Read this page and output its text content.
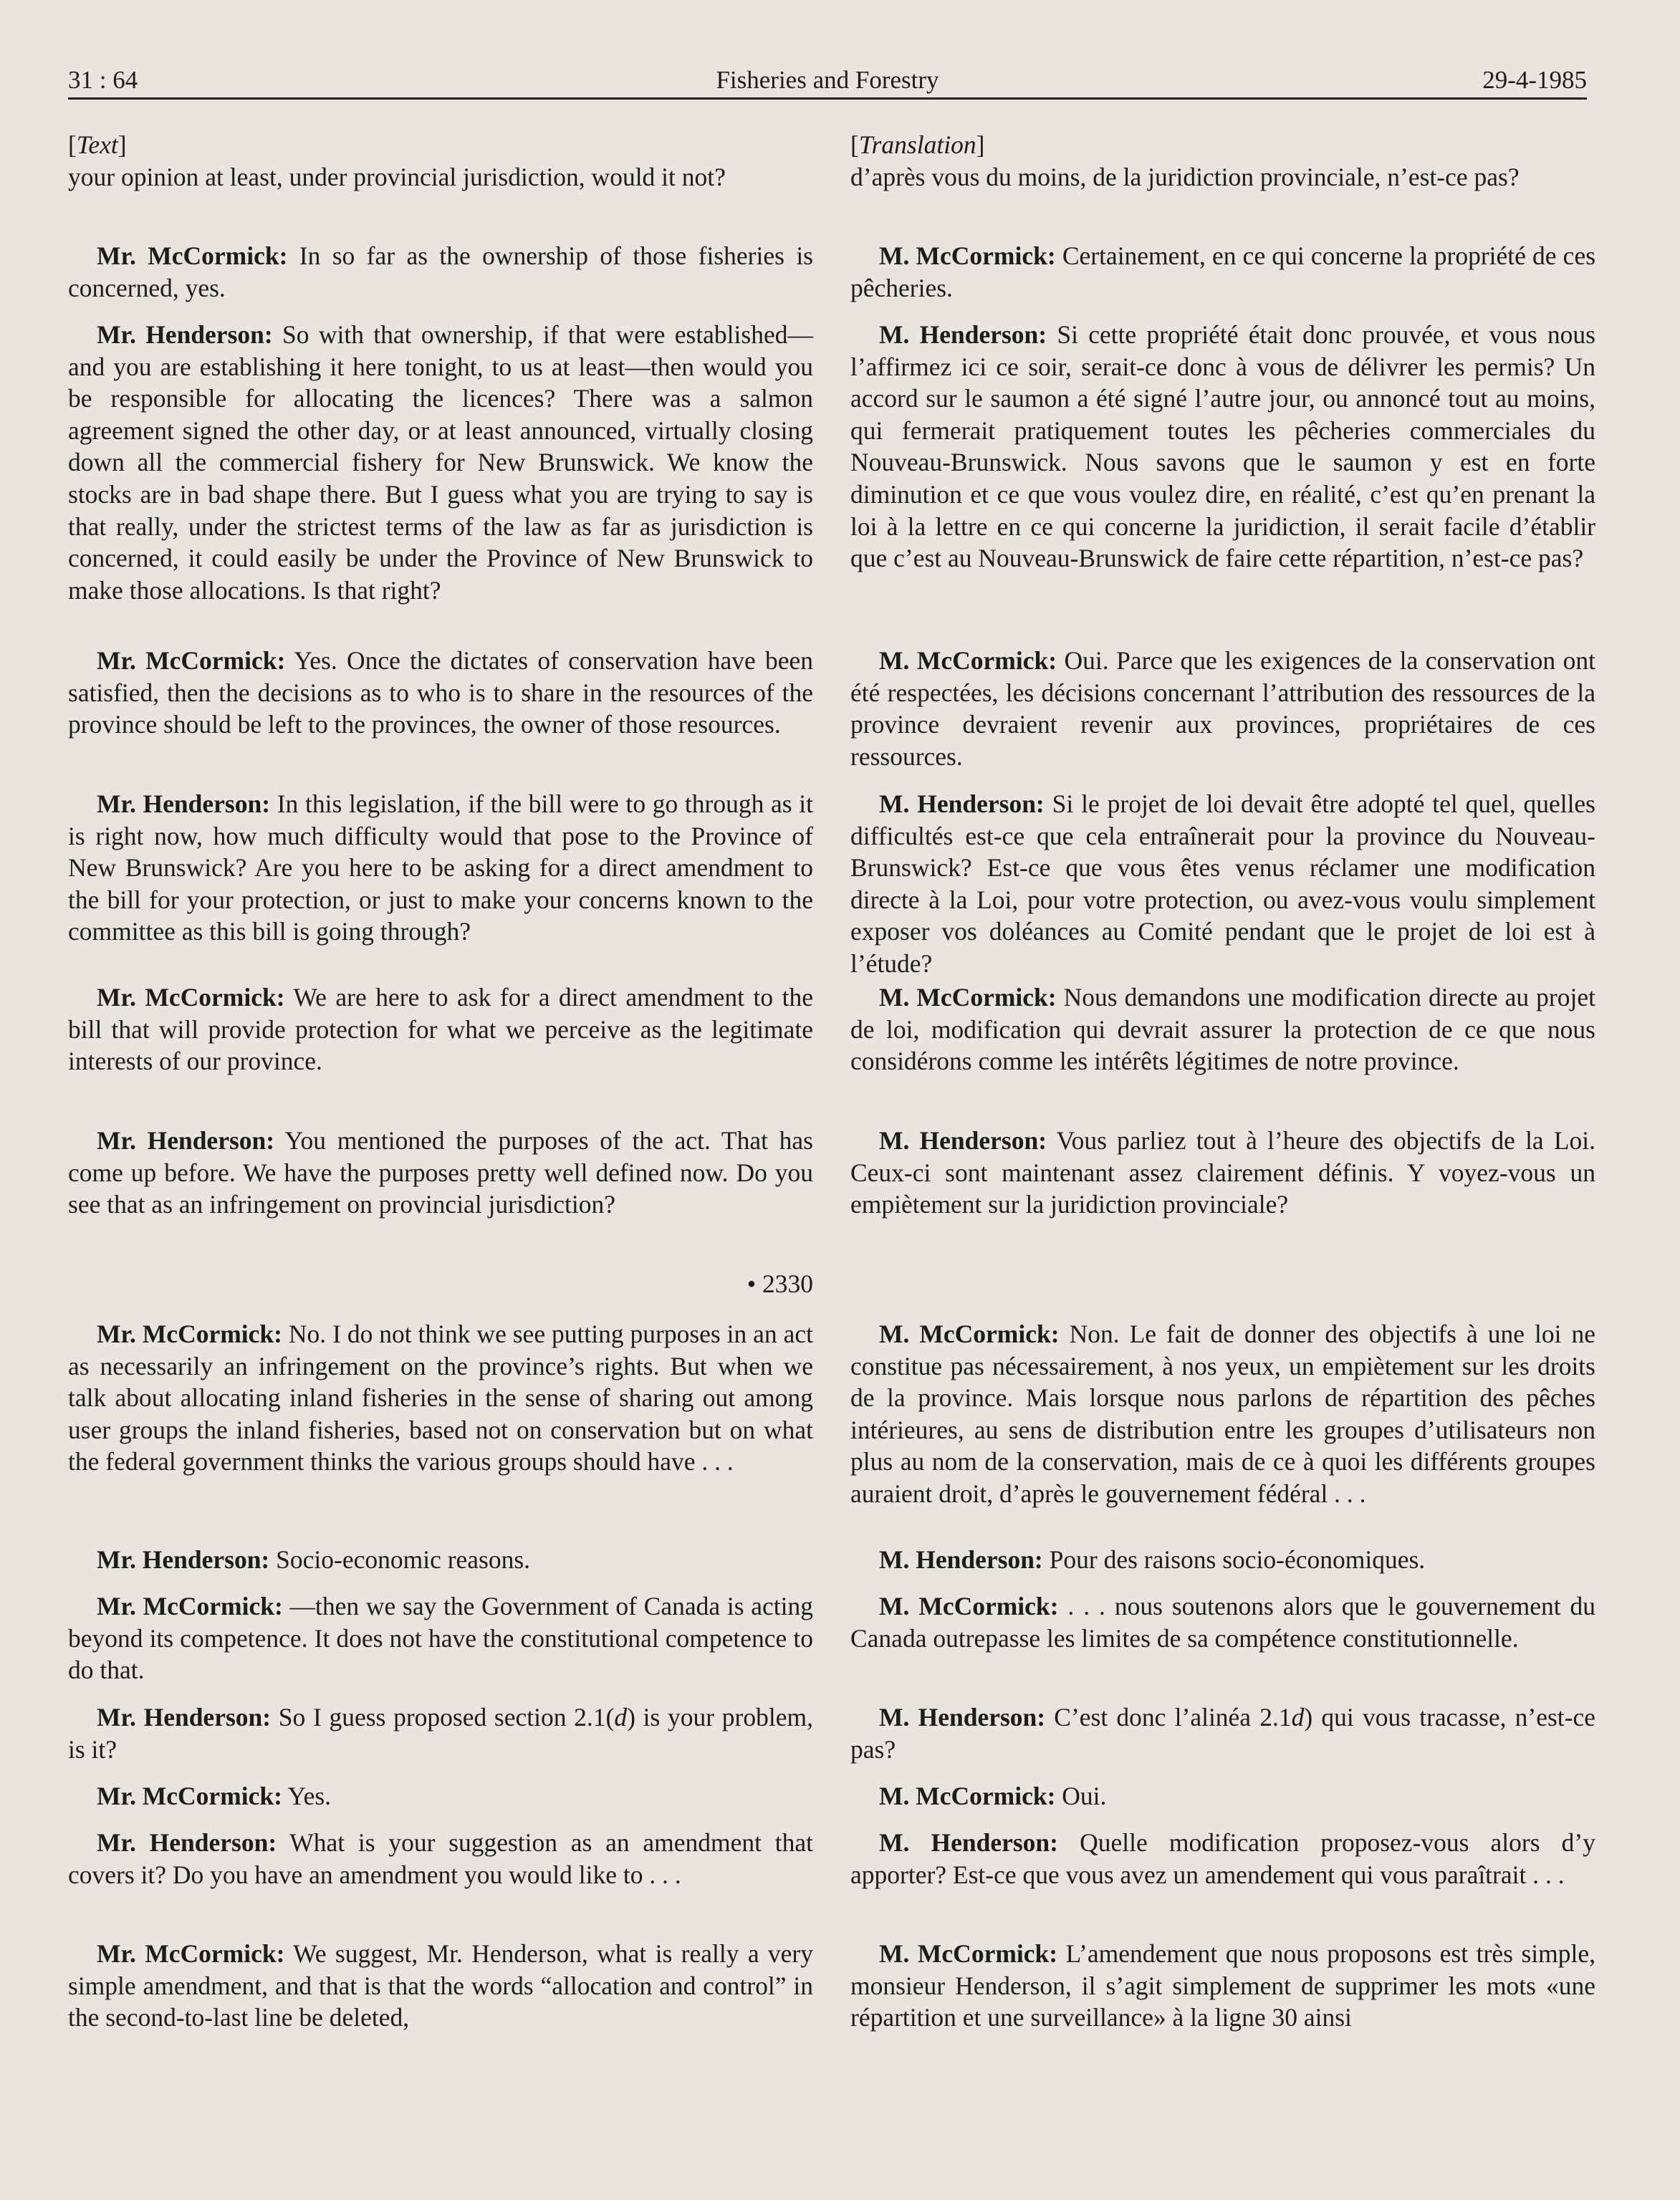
Fisheries and Forestry
31 : 64	29-4-1985

[Text]

your opinion at least, under provincial jurisdiction, would it not?

Mr. McCormick: In so far as the ownership of those fisheries is concerned, yes.

Mr. Henderson: So with that ownership, if that were established—and you are establishing it here tonight, to us at least—then would you be responsible for allocating the licences? There was a salmon agreement signed the other day, or at least announced, virtually closing down all the commercial fishery for New Brunswick. We know the stocks are in bad shape there. But I guess what you are trying to say is that really, under the strictest terms of the law as far as jurisdiction is concerned, it could easily be under the Province of New Brunswick to make those allocations. Is that right?

Mr. McCormick: Yes. Once the dictates of conservation have been satisfied, then the decisions as to who is to share in the resources of the province should be left to the provinces, the owner of those resources.

Mr. Henderson: In this legislation, if the bill were to go through as it is right now, how much difficulty would that pose to the Province of New Brunswick? Are you here to be asking for a direct amendment to the bill for your protection, or just to make your concerns known to the committee as this bill is going through?

Mr. McCormick: We are here to ask for a direct amendment to the bill that will provide protection for what we perceive as the legitimate interests of our province.

Mr. Henderson: You mentioned the purposes of the act. That has come up before. We have the purposes pretty well defined now. Do you see that as an infringement on provincial jurisdiction?

• 2330

Mr. McCormick: No. I do not think we see putting purposes in an act as necessarily an infringement on the province’s rights. But when we talk about allocating inland fisheries in the sense of sharing out among user groups the inland fisheries, based not on conservation but on what the federal government thinks the various groups should have . . .

Mr. Henderson: Socio-economic reasons.

Mr. McCormick: —then we say the Government of Canada is acting beyond its competence. It does not have the constitutional competence to do that.

Mr. Henderson: So I guess proposed section 2.1(d) is your problem, is it?

Mr. McCormick: Yes.

Mr. Henderson: What is your suggestion as an amendment that covers it? Do you have an amendment you would like to . . .

Mr. McCormick: We suggest, Mr. Henderson, what is really a very simple amendment, and that is that the words “allocation and control” in the second-to-last line be deleted,

[Translation]

d’après vous du moins, de la juridiction provinciale, n’est-ce pas?

M. McCormick: Certainement, en ce qui concerne la propriété de ces pêcheries.

M. Henderson: Si cette propriété était donc prouvée, et vous nous l’affirmez ici ce soir, serait-ce donc à vous de délivrer les permis? Un accord sur le saumon a été signé l’autre jour, ou annoncé tout au moins, qui fermerait pratiquement toutes les pêcheries commerciales du Nouveau-Brunswick. Nous savons que le saumon y est en forte diminution et ce que vous voulez dire, en réalité, c’est qu’en prenant la loi à la lettre en ce qui concerne la juridiction, il serait facile d’établir que c’est au Nouveau-Brunswick de faire cette répartition, n’est-ce pas?

M. McCormick: Oui. Parce que les exigences de la conservation ont été respectées, les décisions concernant l’attribution des ressources de la province devraient revenir aux provinces, propriétaires de ces ressources.

M. Henderson: Si le projet de loi devait être adopté tel quel, quelles difficultés est-ce que cela entraînerait pour la province du Nouveau-Brunswick? Est-ce que vous êtes venus réclamer une modification directe à la Loi, pour votre protection, ou avez-vous voulu simplement exposer vos doléances au Comité pendant que le projet de loi est à l’étude?

M. McCormick: Nous demandons une modification directe au projet de loi, modification qui devrait assurer la protection de ce que nous considérons comme les intérêts légitimes de notre province.

M. Henderson: Vous parliez tout à l’heure des objectifs de la Loi. Ceux-ci sont maintenant assez clairement définis. Y voyez-vous un empiètement sur la juridiction provinciale?

M. McCormick: Non. Le fait de donner des objectifs à une loi ne constitue pas nécessairement, à nos yeux, un empiètement sur les droits de la province. Mais lorsque nous parlons de répartition des pêches intérieures, au sens de distribution entre les groupes d’utilisateurs non plus au nom de la conservation, mais de ce à quoi les différents groupes auraient droit, d’après le gouvernement fédéral . . .

M. Henderson: Pour des raisons socio-économiques.

M. McCormick: . . . nous soutenons alors que le gouvernement du Canada outrepasse les limites de sa compétence constitutionnelle.

M. Henderson: C’est donc l’alinéa 2.1d) qui vous tracasse, n’est-ce pas?

M. McCormick: Oui.

M. Henderson: Quelle modification proposez-vous alors d’y apporter? Est-ce que vous avez un amendement qui vous paraîtrait . . .

M. McCormick: L’amendement que nous proposons est très simple, monsieur Henderson, il s’agit simplement de supprimer les mots «une répartition et une surveillance» à la ligne 30 ainsi
